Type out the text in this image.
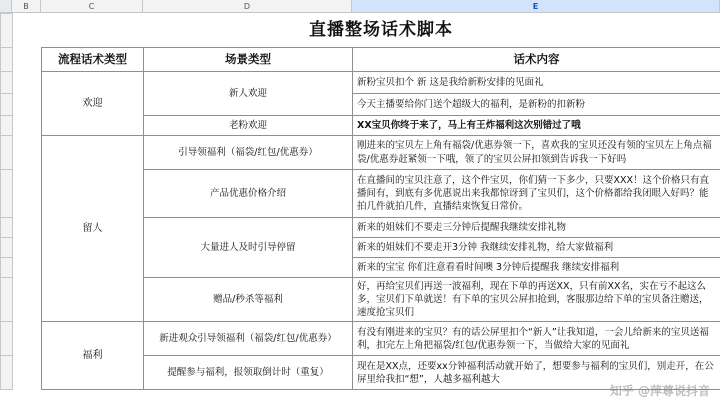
B	C	D	E
		直播整场话术脚本		
		流程话术类型	场景类型	话术内容
		欢迎	新人欢迎	新粉宝贝扣个 新 这是我给新粉安排的见面礼
				今天主播要给你门送个超级大的福利，是新粉的扣新粉
			老粉欢迎	XX宝贝你终于来了，马上有王炸福利这次别错过了哦
		留人	引导领福利（福袋/红包/优惠券）	刚进来的宝贝左上角有福袋/优惠券领一下，喜欢我的宝贝还没有领的宝贝左上角点福袋/优惠券赶紧领一下哦，领了的宝贝公屏扣领到告诉我一下好吗
			产品优惠价格介绍	在直播间的宝贝注意了，这个件宝贝，你们猜一下多少，只要XXX！这个价格只有直播间有，到底有多优惠说出来我都惊讶到了宝贝们，这个价格都给我闭眼入好吗？能拍几件就拍几件，直播结束恢复日常价。
			大量进人及时引导停留	新来的姐妹们不要走三分钟后提醒我继续安排礼物
				新来的姐妹们不要走开3分钟 我继续安排礼物，给大家做福利
				新来的宝宝 你们注意看看时间噢 3分钟后提醒我 继续安排福利
			赠品/秒杀等福利	好，再给宝贝们再送一波福利，现在下单的再送XX，只有前XX名，实在亏不起这么多，宝贝们下单就送！有下单的宝贝公屏扣抢到，客服那边给下单的宝贝备注赠送，速度抢宝贝们
		福利	新进观众引导领福利（福袋/红包/优惠券）	有没有刚进来的宝贝？有的话公屏里扣个“新人”让我知道，一会儿给新来的宝贝送福利，扣完左上角把福袋/红包/优惠券领一下，当做给大家的见面礼
			提醒参与福利，报领取倒计时（重复）	现在是XX点，还要xx分钟福利活动就开始了，想要参与福利的宝贝们，别走开，在公屏里给我扣“想”，人越多福利越大
知乎 @萍尊说抖音
